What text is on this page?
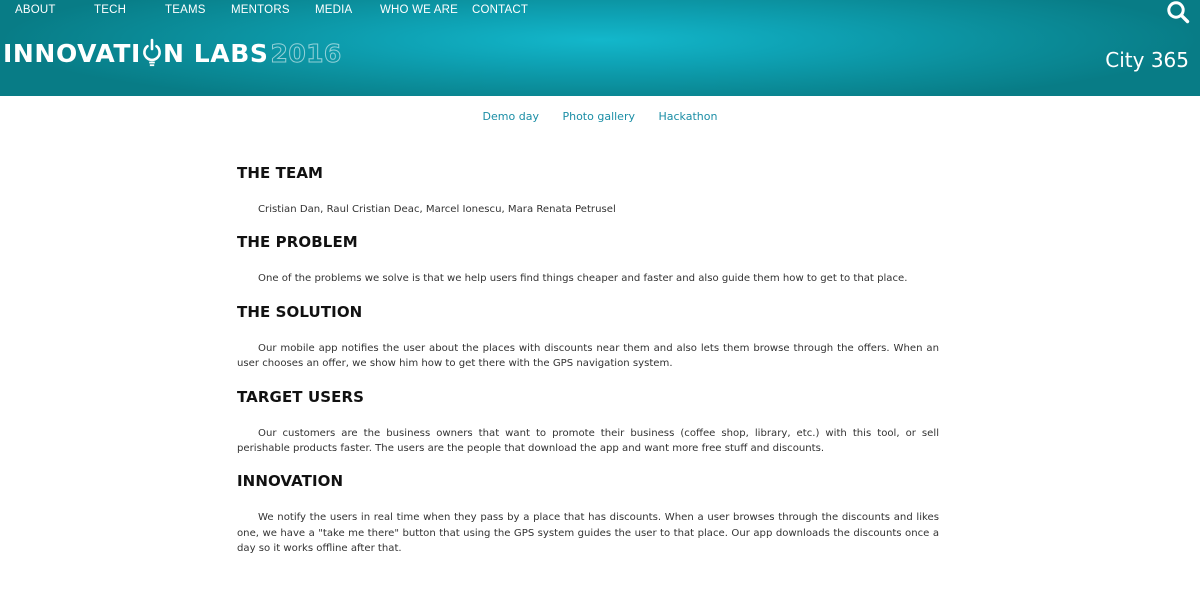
ABOUT	TECH	TEAMS MENTORS MEDIA WHO WE ARE CONTACT
INNOVATI N LABS 2016	City 365
Demo day Photo gallery Hackathon
THE TEAM

Cristian Dan, Raul Cristian Deac, Marcel Ionescu, Mara Renata Petrusel

THE PROBLEM

One of the problems we solve is that we help users find things cheaper and faster and also guide them how to get to that place.

THE SOLUTION

Our mobile app notifies the user about the places with discounts near them and also lets them browse through the offers. When an user chooses an offer, we show him how to get there with the GPS navigation system.

TARGET USERS

Our customers are the business owners that want to promote their business (coffee shop, library, etc.) with this tool, or sell perishable products faster. The users are the people that download the app and want more free stuff and discounts.

INNOVATION

We notify the users in real time when they pass by a place that has discounts. When a user browses through the discounts and likes one, we have a "take me there" button that using the GPS system guides the user to that place. Our app downloads the discounts once a day so it works offline after that.
